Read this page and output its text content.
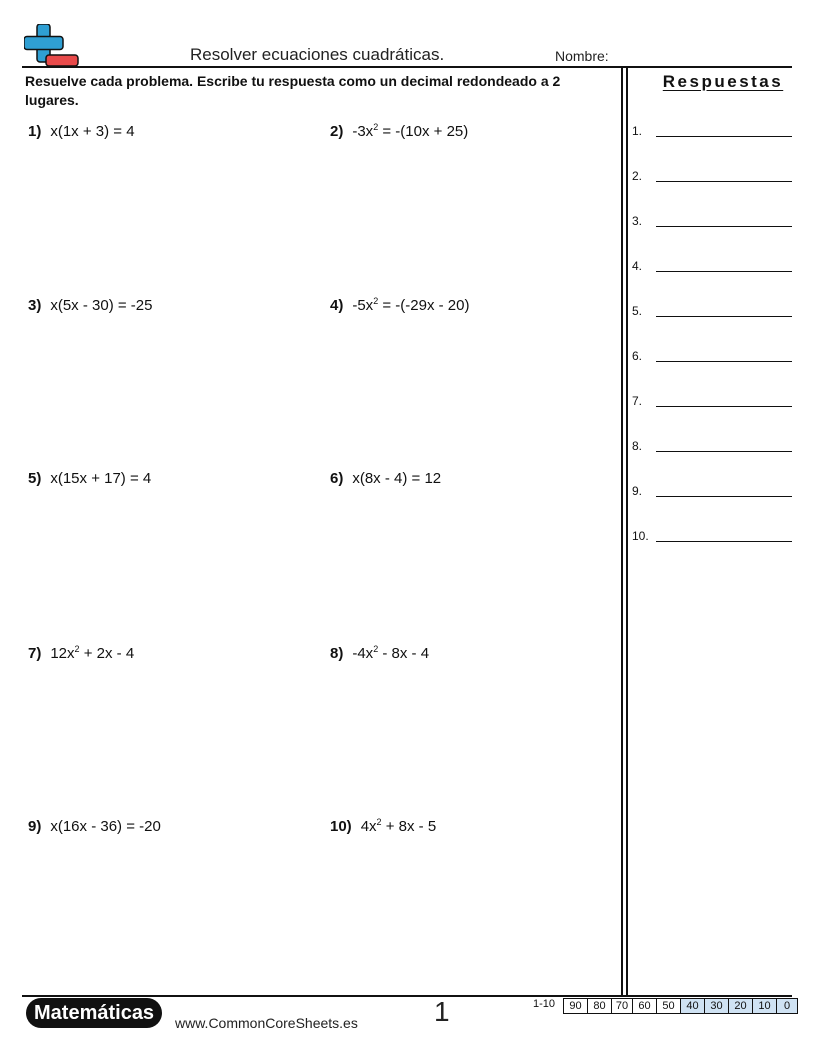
Resolver ecuaciones cuadráticas.	Nombre:
Resuelve cada problema. Escribe tu respuesta como un decimal redondeado a 2 lugares.
Respuestas
1.
2.
3.
4.
5.
6.
7.
8.
9.
10.
1) x(1x + 3) = 4	2) $-3x^2 = -(10x + 25)$
3) x(5x - 30) = -25	4) $-5x^2 = -(-29x - 20)$
5) x(15x + 17) = 4	6) x(8x - 4) = 12
7) $12x^2 + 2x - 4$	8) $-4x^2 - 8x - 4$
9) x(16x - 36) = -20	10) $4x^2 + 8x - 5$
Matemáticas	www.CommonCoreSheets.es	1	1-10 90	80	70	60	50	40	30	20	10	0
